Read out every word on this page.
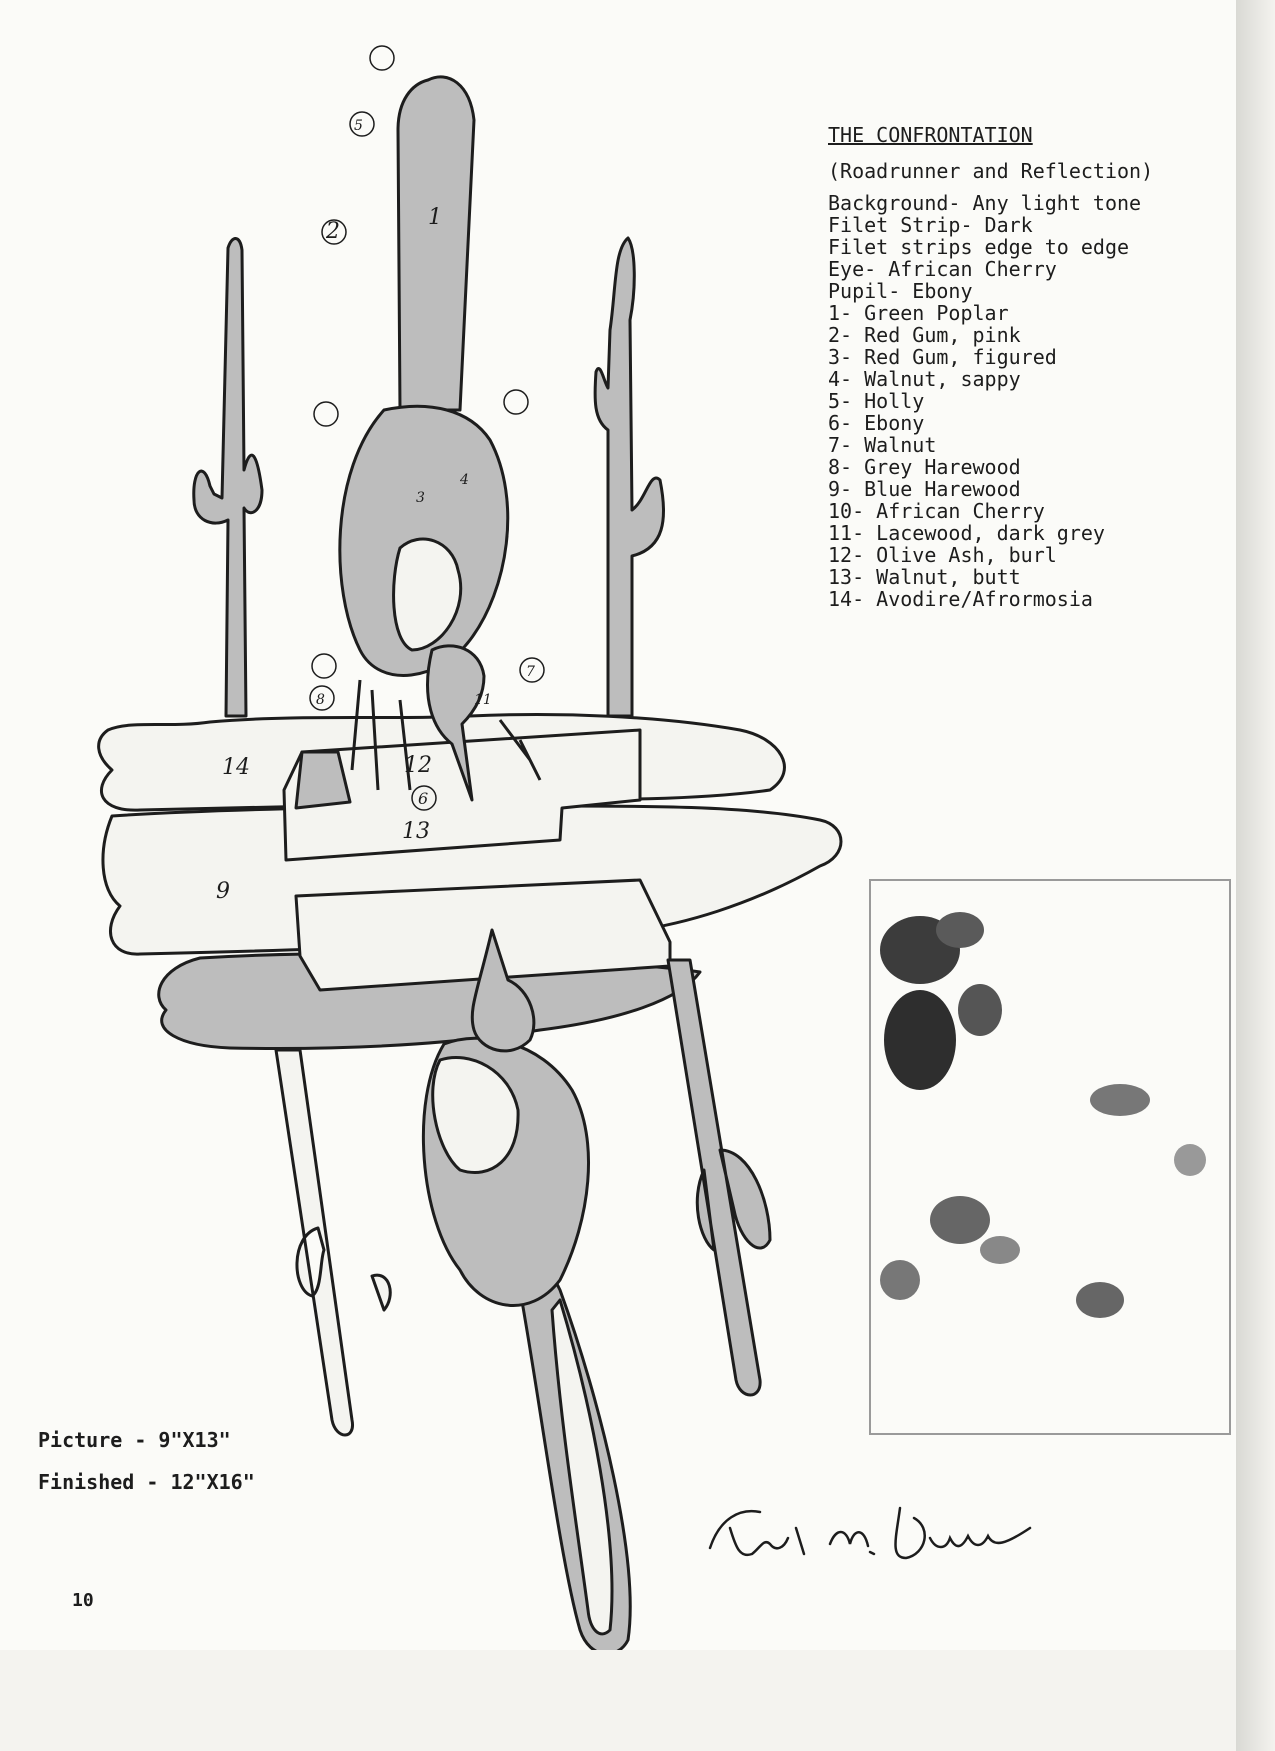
1
2
3
4
5
6
7
8
9
11
12
13
14
THE CONFRONTATION
(Roadrunner and Reflection)
Background- Any light tone
Filet Strip- Dark
Filet strips edge to edge
Eye- African Cherry
Pupil- Ebony
1- Green Poplar
2- Red Gum, pink
3- Red Gum, figured
4- Walnut, sappy
5- Holly
6- Ebony
7- Walnut
8- Grey Harewood
9- Blue Harewood
10- African Cherry
11- Lacewood, dark grey
12- Olive Ash, burl
13- Walnut, butt
14- Avodire/Afrormosia
Picture - 9"X13"
Finished - 12"X16"
10
